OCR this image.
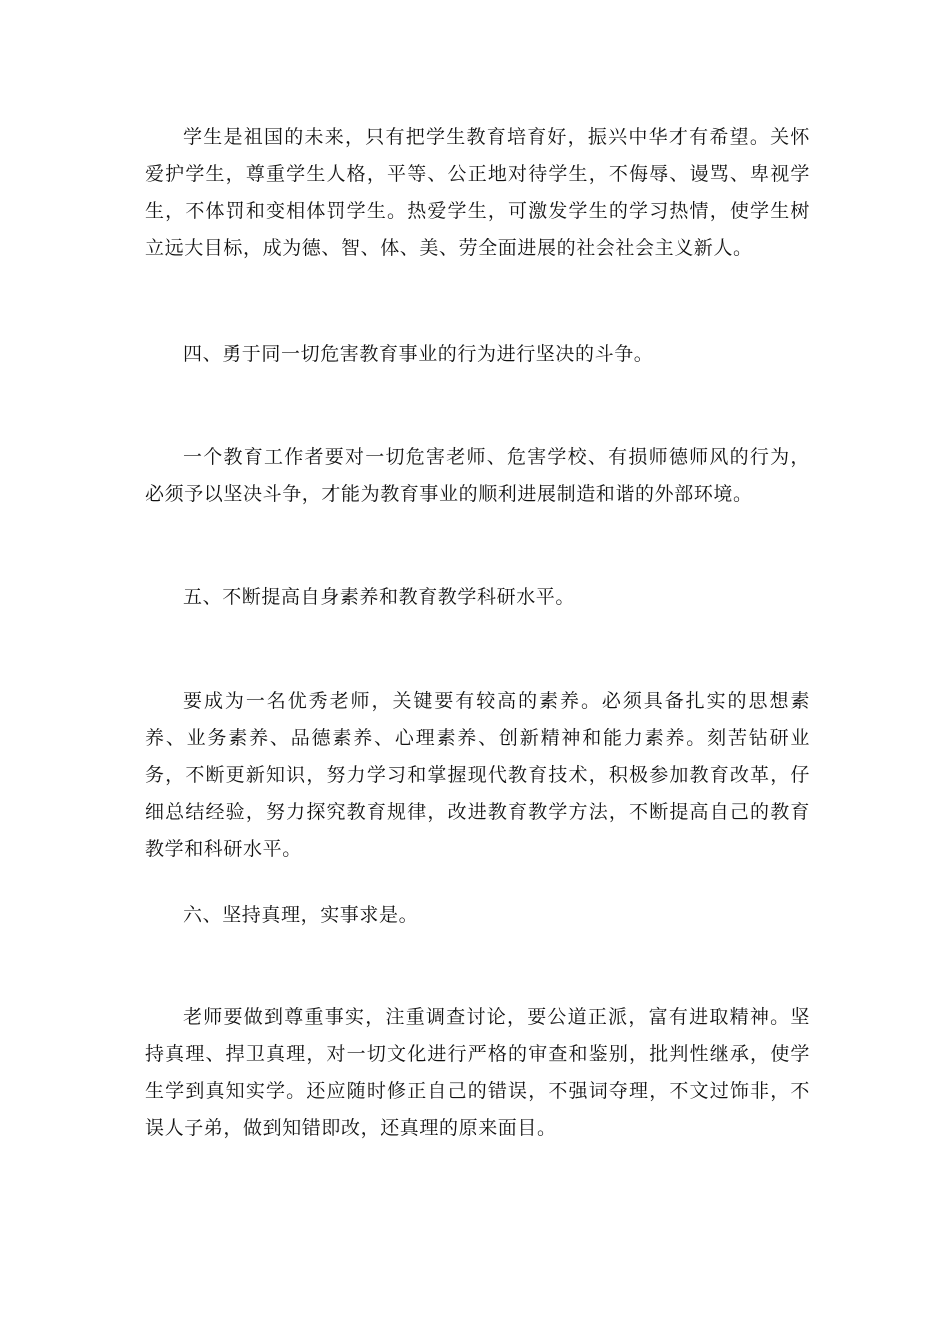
学生是祖国的未来，只有把学生教育培育好，振兴中华才有希望。关怀爱护学生，尊重学生人格，平等、公正地对待学生，不侮辱、谩骂、卑视学生，不体罚和变相体罚学生。热爱学生，可激发学生的学习热情，使学生树立远大目标，成为德、智、体、美、劳全面进展的社会社会主义新人。

四、勇于同一切危害教育事业的行为进行坚决的斗争。

一个教育工作者要对一切危害老师、危害学校、有损师德师风的行为，必须予以坚决斗争，才能为教育事业的顺利进展制造和谐的外部环境。

五、不断提高自身素养和教育教学科研水平。

要成为一名优秀老师，关键要有较高的素养。必须具备扎实的思想素养、业务素养、品德素养、心理素养、创新精神和能力素养。刻苦钻研业务，不断更新知识，努力学习和掌握现代教育技术，积极参加教育改革，仔细总结经验，努力探究教育规律，改进教育教学方法，不断提高自己的教育教学和科研水平。

六、坚持真理，实事求是。

老师要做到尊重事实，注重调查讨论，要公道正派，富有进取精神。坚持真理、捍卫真理，对一切文化进行严格的审查和鉴别，批判性继承，使学生学到真知实学。还应随时修正自己的错误，不强词夺理，不文过饰非，不误人子弟，做到知错即改，还真理的原来面目。
